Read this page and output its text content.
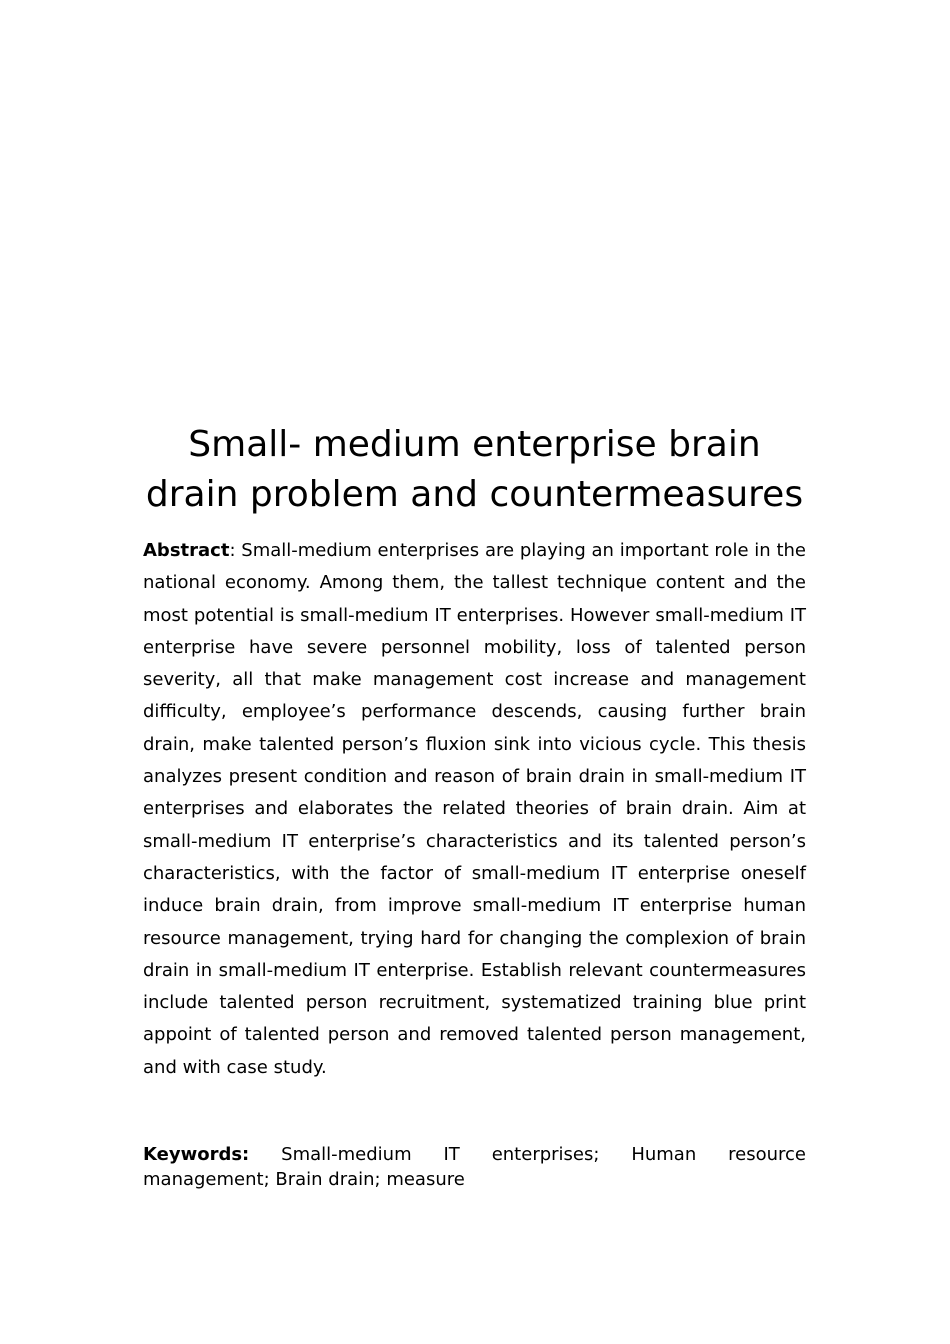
Small- medium enterprise brain drain problem and countermeasures

Abstract: Small-medium enterprises are playing an important role in the national economy. Among them, the tallest technique content and the most potential is small-medium IT enterprises. However small-medium IT enterprise have severe personnel mobility, loss of talented person severity, all that make management cost increase and management difficulty, employee’s performance descends, causing further brain drain, make talented person’s fluxion sink into vicious cycle. This thesis analyzes present condition and reason of brain drain in small-medium IT enterprises and elaborates the related theories of brain drain. Aim at small-medium IT enterprise’s characteristics and its talented person’s characteristics, with the factor of small-medium IT enterprise oneself induce brain drain, from improve small-medium IT enterprise human resource management, trying hard for changing the complexion of brain drain in small-medium IT enterprise. Establish relevant countermeasures include talented person recruitment, systematized training blue print appoint of talented person and removed talented person management, and with case study.

Keywords: Small-medium IT enterprises; Human resource management; Brain drain; measure
